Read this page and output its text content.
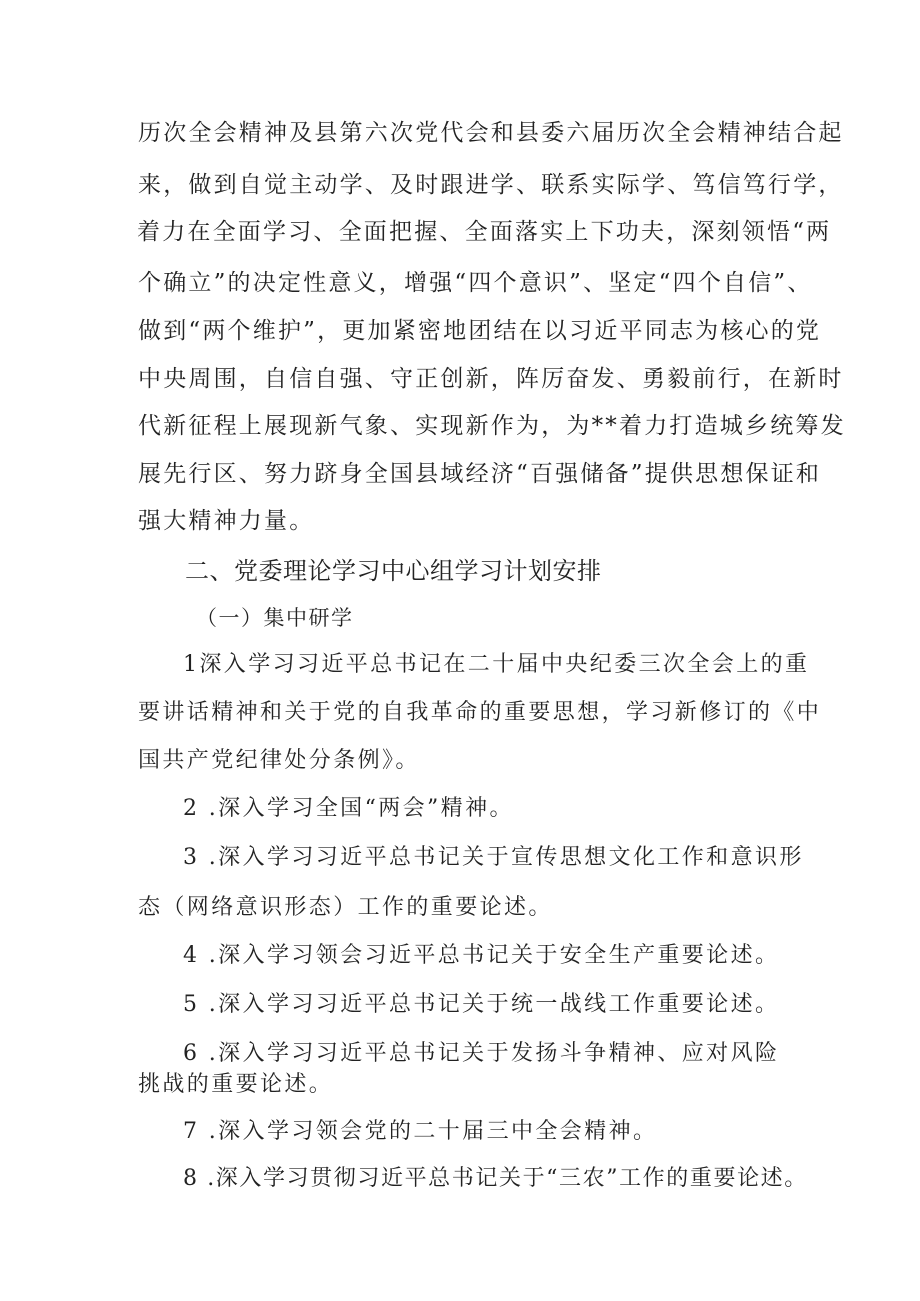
历次全会精神及县第六次党代会和县委六届历次全会精神结合起
来，做到自觉主动学、及时跟进学、联系实际学、笃信笃行学，
着力在全面学习、全面把握、全面落实上下功夫，深刻领悟“两
个确立”的决定性意义，增强“四个意识”、坚定“四个自信”、
做到“两个维护”，更加紧密地团结在以习近平同志为核心的党
中央周围，自信自强、守正创新，阵厉奋发、勇毅前行，在新时
代新征程上展现新气象、实现新作为，为**着力打造城乡统筹发
展先行区、努力跻身全国县域经济“百强储备”提供思想保证和
强大精神力量。
二、党委理论学习中心组学习计划安排
（一）集中研学
1深入学习习近平总书记在二十届中央纪委三次全会上的重
要讲话精神和关于党的自我革命的重要思想，学习新修订的《中
国共产党纪律处分条例》。
2 .深入学习全国“两会”精神。
3 .深入学习习近平总书记关于宣传思想文化工作和意识形
态（网络意识形态）工作的重要论述。
4 .深入学习领会习近平总书记关于安全生产重要论述。
5 .深入学习习近平总书记关于统一战线工作重要论述。
6 .深入学习习近平总书记关于发扬斗争精神、应对风险
挑战的重要论述。
7 .深入学习领会党的二十届三中全会精神。
8 .深入学习贯彻习近平总书记关于“三农”工作的重要论述。
